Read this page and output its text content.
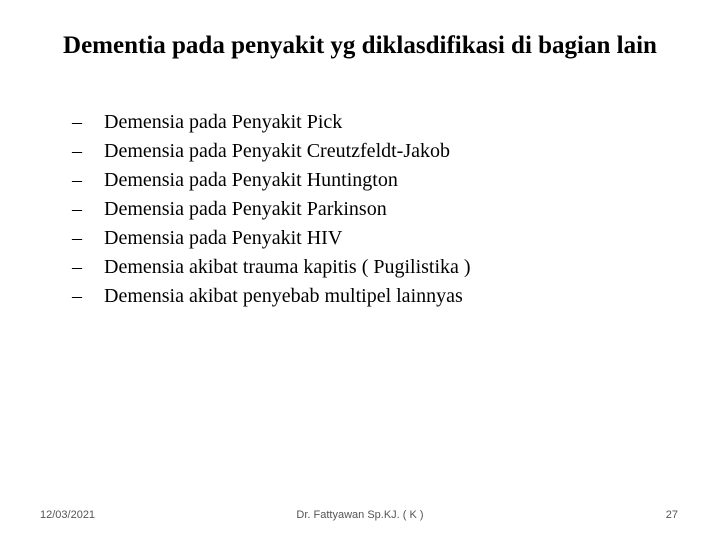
Dementia pada penyakit yg diklasdifikasi di bagian lain
–	Demensia pada Penyakit Pick
–	Demensia pada Penyakit Creutzfeldt-Jakob
–	Demensia pada Penyakit Huntington
–	Demensia pada Penyakit Parkinson
–	Demensia pada Penyakit HIV
–	Demensia akibat trauma kapitis ( Pugilistika )
–	Demensia akibat penyebab multipel lainnyas
12/03/2021	Dr. Fattyawan Sp.KJ. ( K )	27
